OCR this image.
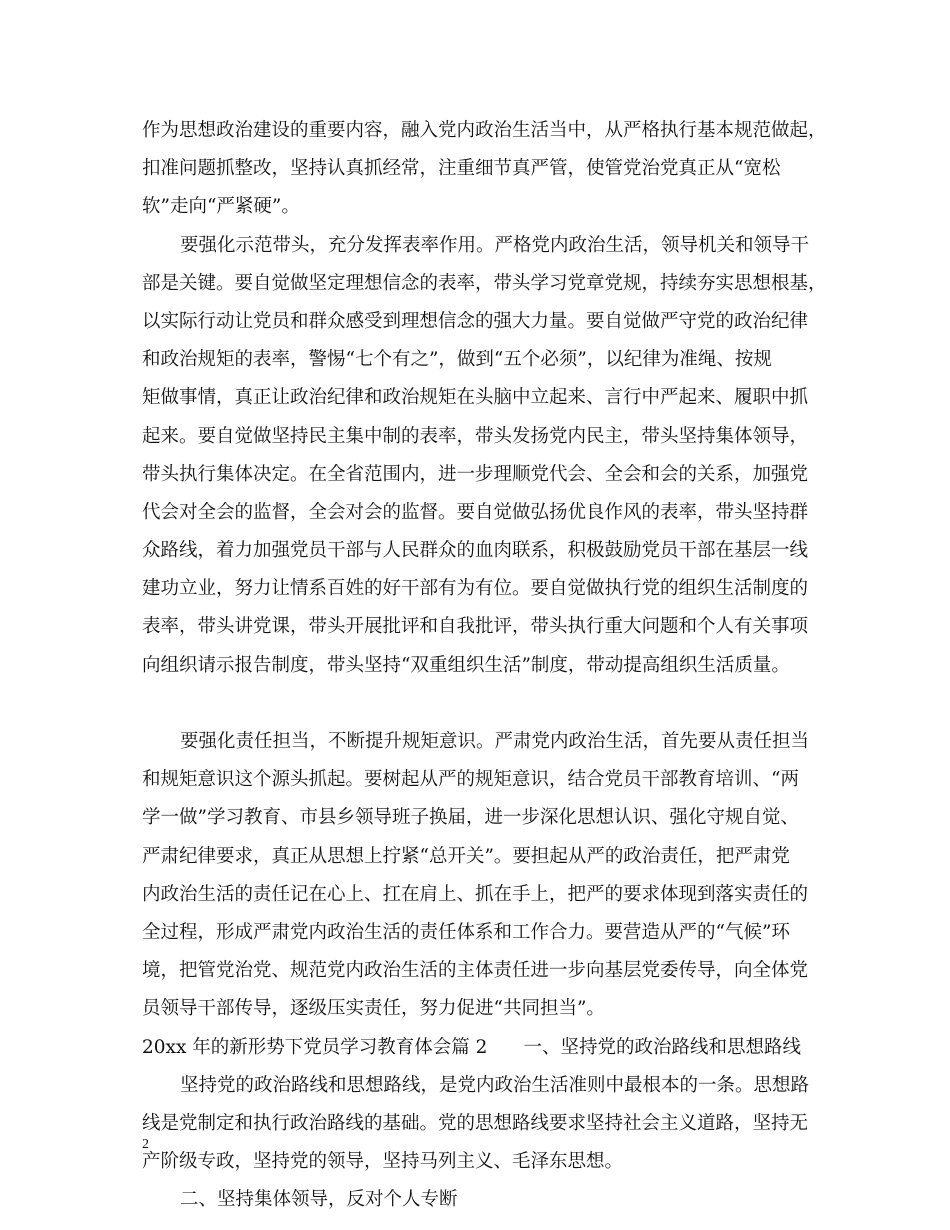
作为思想政治建设的重要内容，融入党内政治生活当中，从严格执行基本规范做起，
扣准问题抓整改，坚持认真抓经常，注重细节真严管，使管党治党真正从“宽松
软”走向“严紧硬”。
要强化示范带头，充分发挥表率作用。严格党内政治生活，领导机关和领导干
部是关键。要自觉做坚定理想信念的表率，带头学习党章党规，持续夯实思想根基，
以实际行动让党员和群众感受到理想信念的强大力量。要自觉做严守党的政治纪律
和政治规矩的表率，警惕“七个有之”，做到“五个必须”，以纪律为准绳、按规
矩做事情，真正让政治纪律和政治规矩在头脑中立起来、言行中严起来、履职中抓
起来。要自觉做坚持民主集中制的表率，带头发扬党内民主，带头坚持集体领导，
带头执行集体决定。在全省范围内，进一步理顺党代会、全会和会的关系，加强党
代会对全会的监督，全会对会的监督。要自觉做弘扬优良作风的表率，带头坚持群
众路线，着力加强党员干部与人民群众的血肉联系，积极鼓励党员干部在基层一线
建功立业，努力让情系百姓的好干部有为有位。要自觉做执行党的组织生活制度的
表率，带头讲党课，带头开展批评和自我批评，带头执行重大问题和个人有关事项
向组织请示报告制度，带头坚持“双重组织生活”制度，带动提高组织生活质量。
要强化责任担当，不断提升规矩意识。严肃党内政治生活，首先要从责任担当
和规矩意识这个源头抓起。要树起从严的规矩意识，结合党员干部教育培训、“两
学一做”学习教育、市县乡领导班子换届，进一步深化思想认识、强化守规自觉、
严肃纪律要求，真正从思想上拧紧“总开关”。要担起从严的政治责任，把严肃党
内政治生活的责任记在心上、扛在肩上、抓在手上，把严的要求体现到落实责任的
全过程，形成严肃党内政治生活的责任体系和工作合力。要营造从严的“气候”环
境，把管党治党、规范党内政治生活的主体责任进一步向基层党委传导，向全体党
员领导干部传导，逐级压实责任，努力促进“共同担当”。
20xx 年的新形势下党员学习教育体会篇 2 一、坚持党的政治路线和思想路线
坚持党的政治路线和思想路线，是党内政治生活准则中最根本的一条。思想路
线是党制定和执行政治路线的基础。党的思想路线要求坚持社会主义道路，坚持无
产阶级专政，坚持党的领导，坚持马列主义、毛泽东思想。
二、坚持集体领导，反对个人专断
2
